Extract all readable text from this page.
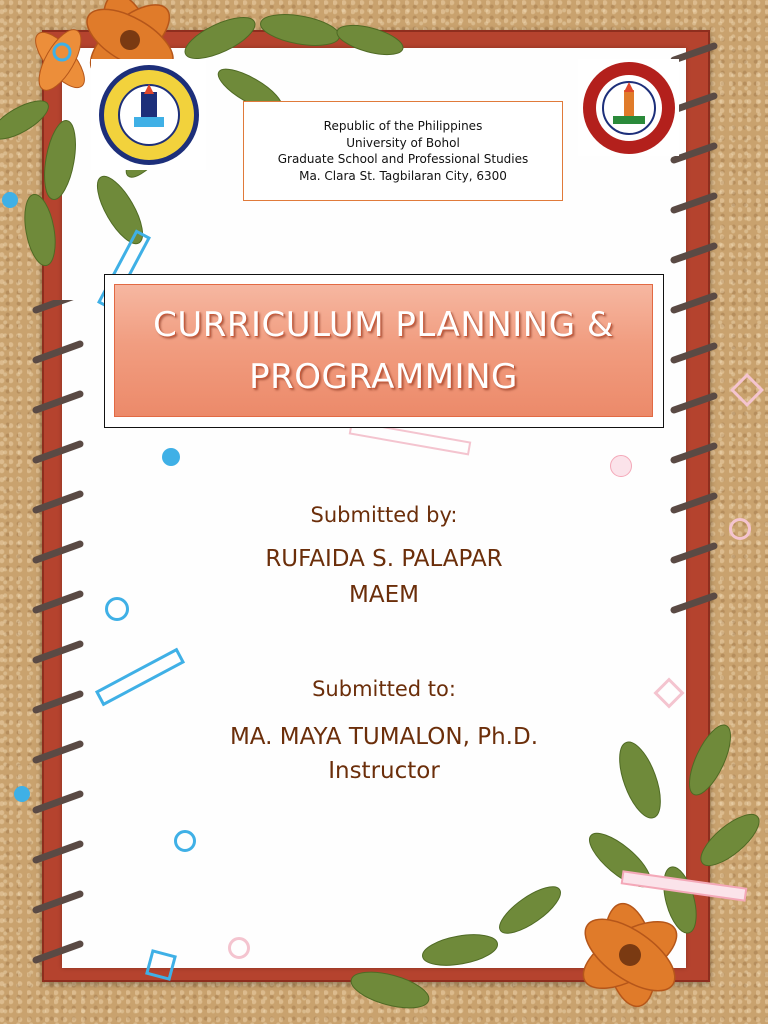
Republic of the Philippines
University of Bohol
Graduate School and Professional Studies
Ma. Clara St. Tagbilaran City, 6300
CURRICULUM PLANNING &
PROGRAMMING
Submitted by:
RUFAIDA S. PALAPAR
MAEM
Submitted to:
MA. MAYA TUMALON, Ph.D.
Instructor
